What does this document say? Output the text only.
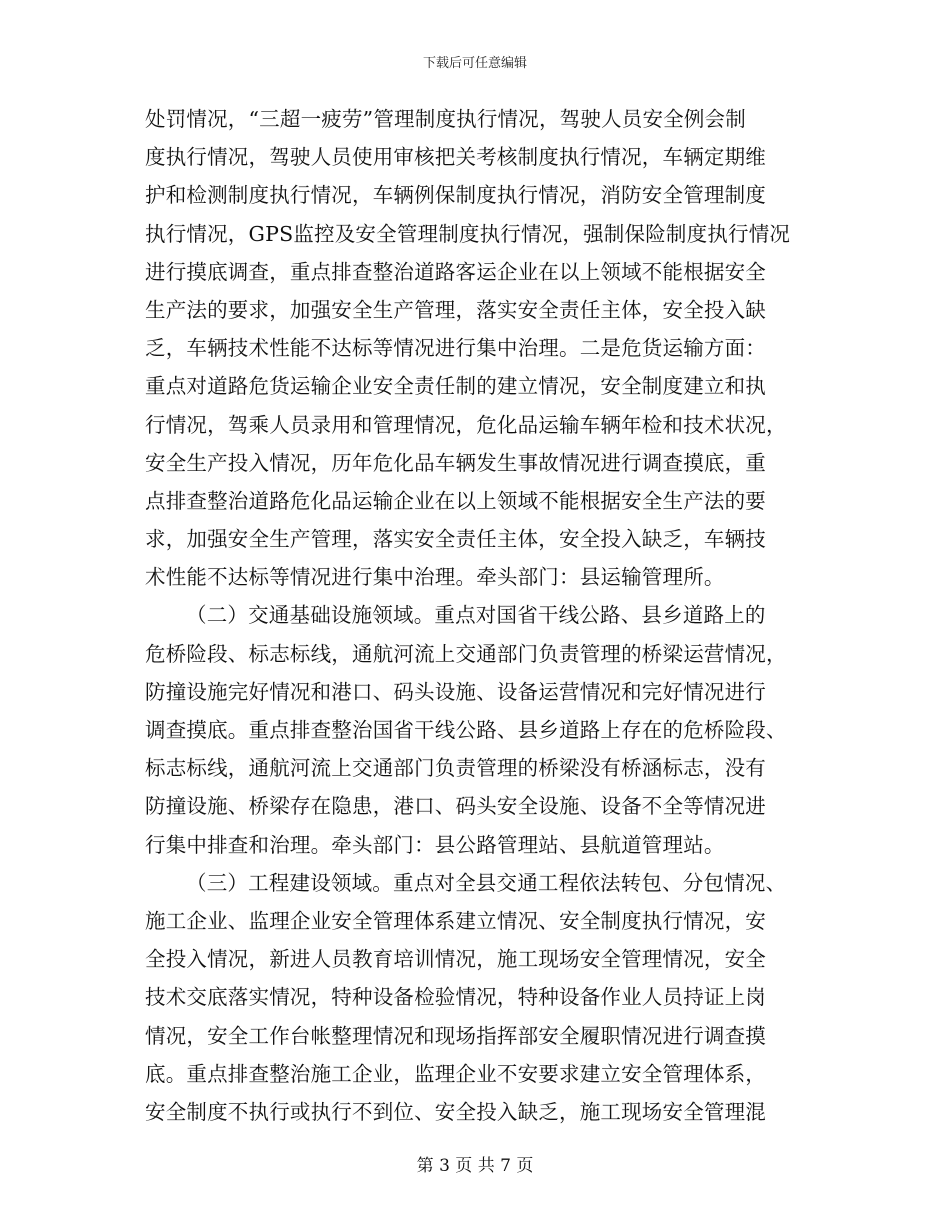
下载后可任意编辑
处罚情况，“三超一疲劳”管理制度执行情况，驾驶人员安全例会制
度执行情况，驾驶人员使用审核把关考核制度执行情况，车辆定期维
护和检测制度执行情况，车辆例保制度执行情况，消防安全管理制度
执行情况，GPS监控及安全管理制度执行情况，强制保险制度执行情况
进行摸底调查，重点排查整治道路客运企业在以上领域不能根据安全
生产法的要求，加强安全生产管理，落实安全责任主体，安全投入缺
乏，车辆技术性能不达标等情况进行集中治理。二是危货运输方面：
重点对道路危货运输企业安全责任制的建立情况，安全制度建立和执
行情况，驾乘人员录用和管理情况，危化品运输车辆年检和技术状况，
安全生产投入情况，历年危化品车辆发生事故情况进行调查摸底，重
点排查整治道路危化品运输企业在以上领域不能根据安全生产法的要
求，加强安全生产管理，落实安全责任主体，安全投入缺乏，车辆技
术性能不达标等情况进行集中治理。牵头部门：县运输管理所。
（二）交通基础设施领域。重点对国省干线公路、县乡道路上的
危桥险段、标志标线，通航河流上交通部门负责管理的桥梁运营情况，
防撞设施完好情况和港口、码头设施、设备运营情况和完好情况进行
调查摸底。重点排查整治国省干线公路、县乡道路上存在的危桥险段、
标志标线，通航河流上交通部门负责管理的桥梁没有桥涵标志，没有
防撞设施、桥梁存在隐患，港口、码头安全设施、设备不全等情况进
行集中排查和治理。牵头部门：县公路管理站、县航道管理站。
（三）工程建设领域。重点对全县交通工程依法转包、分包情况、
施工企业、监理企业安全管理体系建立情况、安全制度执行情况，安
全投入情况，新进人员教育培训情况，施工现场安全管理情况，安全
技术交底落实情况，特种设备检验情况，特种设备作业人员持证上岗
情况，安全工作台帐整理情况和现场指挥部安全履职情况进行调查摸
底。重点排查整治施工企业，监理企业不安要求建立安全管理体系，
安全制度不执行或执行不到位、安全投入缺乏，施工现场安全管理混
第 3 页 共 7 页
